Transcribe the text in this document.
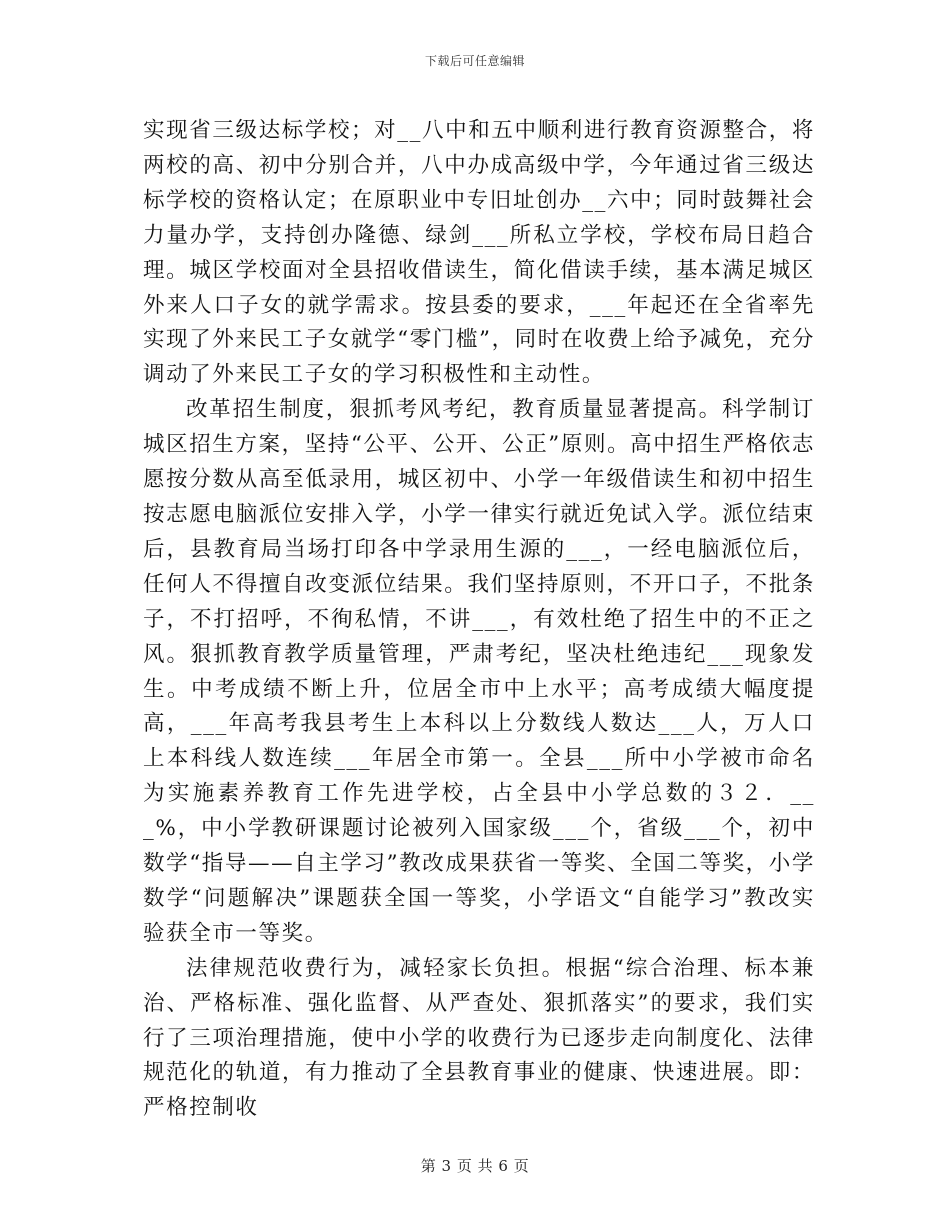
下载后可任意编辑

实现省三级达标学校；对__八中和五中顺利进行教育资源整合，将两校的高、初中分别合并，八中办成高级中学，今年通过省三级达标学校的资格认定；在原职业中专旧址创办__六中；同时鼓舞社会力量办学，支持创办隆德、绿剑___所私立学校，学校布局日趋合理。城区学校面对全县招收借读生，简化借读手续，基本满足城区外来人口子女的就学需求。按县委的要求，___年起还在全省率先实现了外来民工子女就学“零门槛”，同时在收费上给予减免，充分调动了外来民工子女的学习积极性和主动性。

改革招生制度，狠抓考风考纪，教育质量显著提高。科学制订城区招生方案，坚持“公平、公开、公正”原则。高中招生严格依志愿按分数从高至低录用，城区初中、小学一年级借读生和初中招生按志愿电脑派位安排入学，小学一律实行就近免试入学。派位结束后，县教育局当场打印各中学录用生源的___，一经电脑派位后，任何人不得擅自改变派位结果。我们坚持原则，不开口子，不批条子，不打招呼，不徇私情，不讲___，有效杜绝了招生中的不正之风。狠抓教育教学质量管理，严肃考纪，坚决杜绝违纪___现象发生。中考成绩不断上升，位居全市中上水平；高考成绩大幅度提高，___年高考我县考生上本科以上分数线人数达___人，万人口上本科线人数连续___年居全市第一。全县___所中小学被市命名为实施素养教育工作先进学校，占全县中小学总数的３２．___%，中小学教研课题讨论被列入国家级___个，省级___个，初中数学“指导——自主学习”教改成果获省一等奖、全国二等奖，小学数学“问题解决”课题获全国一等奖，小学语文“自能学习”教改实验获全市一等奖。

法律规范收费行为，减轻家长负担。根据“综合治理、标本兼治、严格标准、强化监督、从严查处、狠抓落实”的要求，我们实行了三项治理措施，使中小学的收费行为已逐步走向制度化、法律规范化的轨道，有力推动了全县教育事业的健康、快速进展。即：严格控制收

第 3 页 共 6 页
